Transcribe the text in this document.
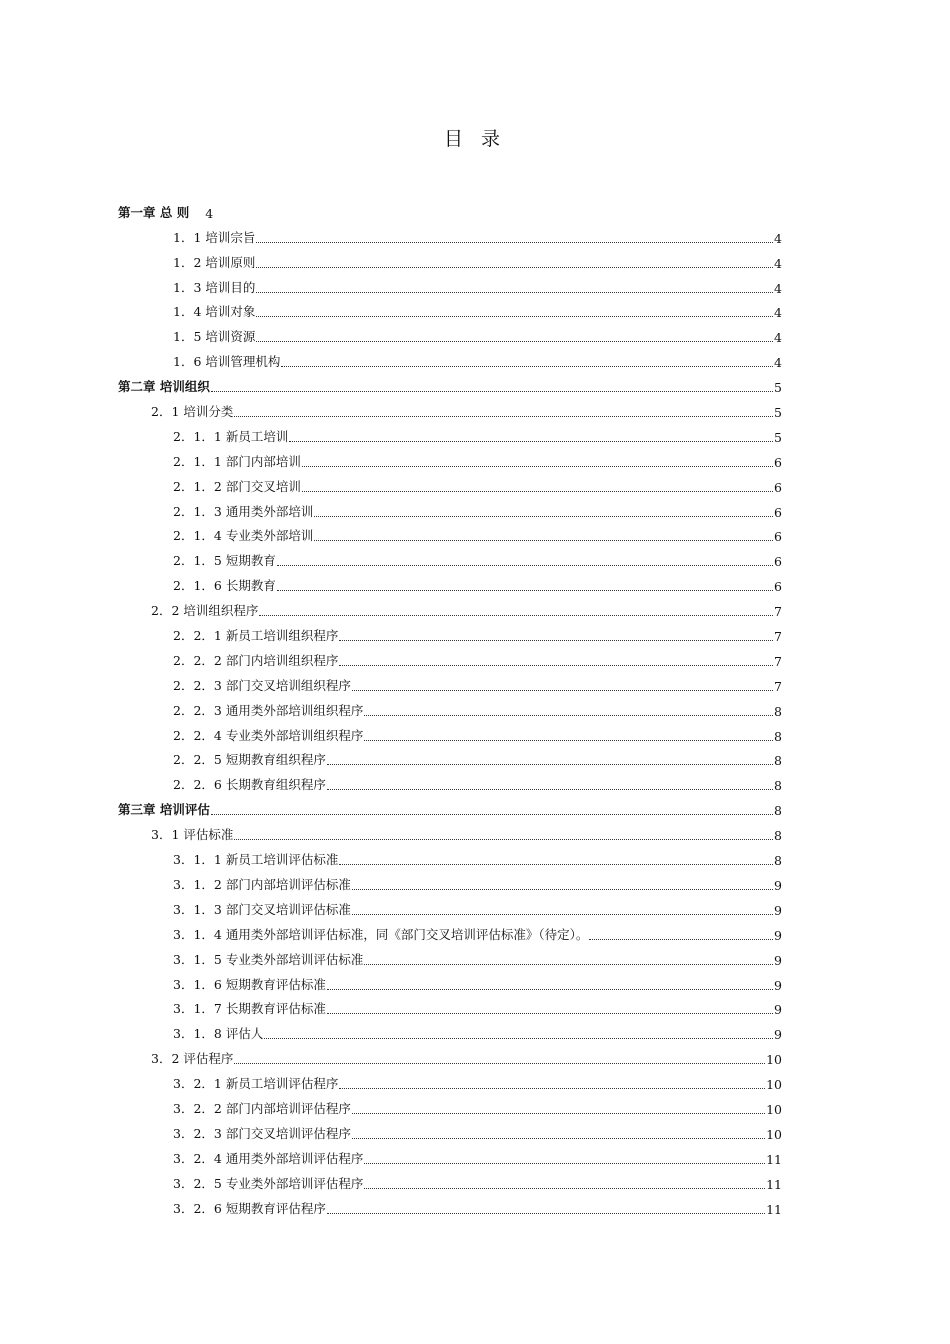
目 录
第一章 总 则 4
1．1 培训宗旨	4
1．2 培训原则	4
1．3 培训目的	4
1．4 培训对象	4
1．5 培训资源	4
1．6 培训管理机构	4
第二章 培训组织	5
2．1 培训分类	5
2．1．1 新员工培训	5
2．1．1 部门内部培训	6
2．1．2 部门交叉培训	6
2．1．3 通用类外部培训	6
2．1．4 专业类外部培训	6
2．1．5 短期教育	6
2．1．6 长期教育	6
2．2 培训组织程序	7
2．2．1 新员工培训组织程序	7
2．2．2 部门内培训组织程序	7
2．2．3 部门交叉培训组织程序	7
2．2．3 通用类外部培训组织程序	8
2．2．4 专业类外部培训组织程序	8
2．2．5 短期教育组织程序	8
2．2．6 长期教育组织程序	8
第三章 培训评估	8
3．1 评估标准	8
3．1．1 新员工培训评估标准	8
3．1．2 部门内部培训评估标准	9
3．1．3 部门交叉培训评估标准	9
3．1．4 通用类外部培训评估标准，同《部门交叉培训评估标准》（待定）。	9
3．1．5 专业类外部培训评估标准	9
3．1．6 短期教育评估标准	9
3．1．7 长期教育评估标准	9
3．1．8 评估人	9
3．2 评估程序	10
3．2．1 新员工培训评估程序	10
3．2．2 部门内部培训评估程序	10
3．2．3 部门交叉培训评估程序	10
3．2．4 通用类外部培训评估程序	11
3．2．5 专业类外部培训评估程序	11
3．2．6 短期教育评估程序	11
